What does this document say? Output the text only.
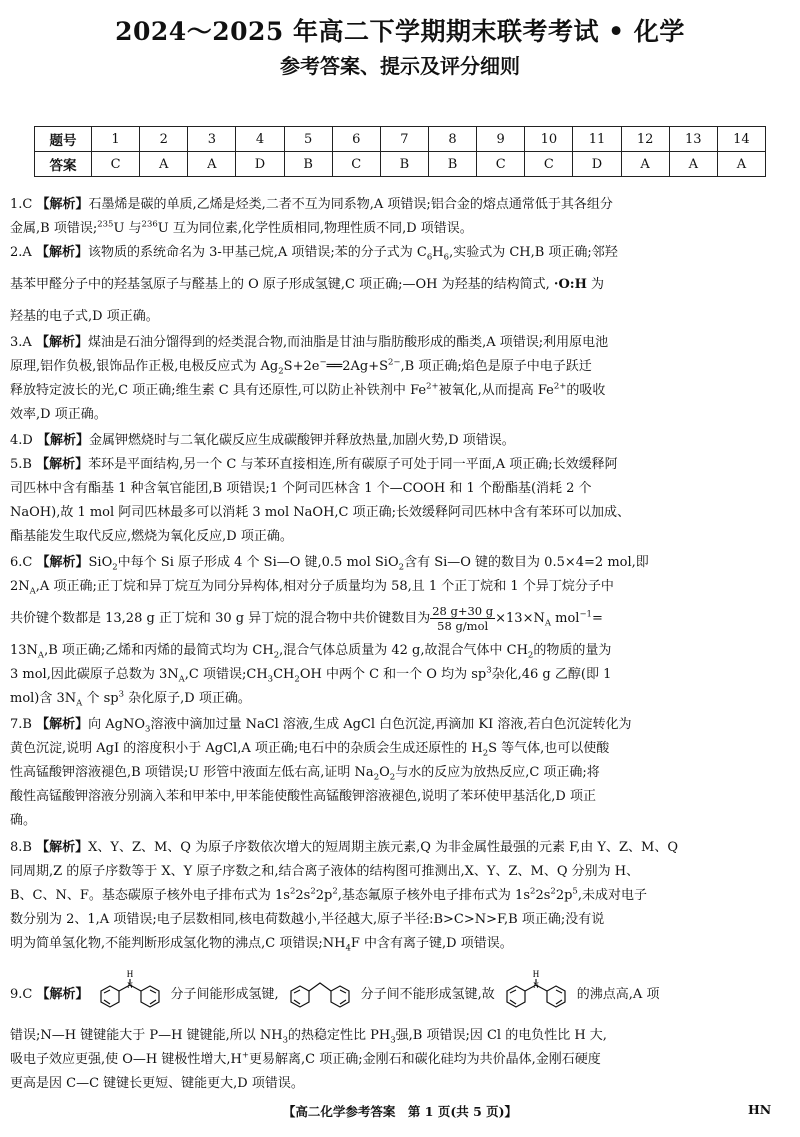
2024～2025 年高二下学期期末联考考试 • 化学
参考答案、提示及评分细则
题号	1	2	3	4	5	6	7	8	9	10	11	12	13	14
答案	C	A	A	D	B	C	B	B	C	C	D	A	A	A
1.C 【解析】石墨烯是碳的单质,乙烯是烃类,二者不互为同系物,A 项错误;铝合金的熔点通常低于其各组分
金属,B 项错误;$^{235}$U 与$^{236}$U 互为同位素,化学性质相同,物理性质不同,D 项错误。
2.A 【解析】该物质的系统命名为 3-甲基己烷,A 项错误;苯的分子式为 $C_6H_6$,实验式为 CH,B 项正确;邻羟
基苯甲醛分子中的羟基氢原子与醛基上的 O 原子形成氢键,C 项正确;—OH 为羟基的结构简式, ·O:H 为
羟基的电子式,D 项正确。
3.A 【解析】煤油是石油分馏得到的烃类混合物,而油脂是甘油与脂肪酸形成的酯类,A 项错误;利用原电池
原理,铝作负极,银饰品作正极,电极反应式为 $Ag_2S+2e^-══2Ag+S^{2-},B$ 项正确;焰色是原子中电子跃迁
释放特定波长的光,C 项正确;维生素 C 具有还原性,可以防止补铁剂中 $Fe^{2+}$被氧化,从而提高 $Fe^{2+}$的吸收
效率,D 项正确。
4.D 【解析】金属钾燃烧时与二氧化碳反应生成碳酸钾并释放热量,加剧火势,D 项错误。
5.B 【解析】苯环是平面结构,另一个 C 与苯环直接相连,所有碳原子可处于同一平面,A 项正确;长效缓释阿
司匹林中含有酯基 1 种含氧官能团,B 项错误;1 个阿司匹林含 1 个—COOH 和 1 个酚酯基(消耗 2 个
NaOH),故 1 mol 阿司匹林最多可以消耗 3 mol NaOH,C 项正确;长效缓释阿司匹林中含有苯环可以加成、
酯基能发生取代反应,燃烧为氧化反应,D 项正确。
6.C 【解析】SiO$_2$中每个 Si 原子形成 4 个 Si—O 键,0.5 mol SiO$_2$含有 Si—O 键的数目为 0.5×4=2 mol,即
$2N_A,A$ 项正确;正丁烷和异丁烷互为同分异构体,相对分子质量均为 58,且 1 个正丁烷和 1 个异丁烷分子中
共价键个数都是 13,28 g 正丁烷和 30 g 异丁烷的混合物中共价键数目为 $\frac{28 g+30 g}{\text{58 g/mol}} \times 13\times N_A$ mol$^{-1}$=
$13N_A,B$ 项正确;乙烯和丙烯的最简式均为 $CH_2$,混合气体总质量为 42 g,故混合气体中 $CH_2$的物质的量为
3 mol,因此碳原子总数为 $3N_A,C$ 项错误$;CH_3CH_2OH$ 中两个 C 和一个 O 均为 $sp^3$杂化,46 g 乙醇(即 1
mol)含 $3N_A$ 个 $sp^3$ 杂化原子,D 项正确。
7.B 【解析】向 AgNO$_3$溶液中滴加过量 NaCl 溶液,生成 AgCl 白色沉淀,再滴加 KI 溶液,若白色沉淀转化为
黄色沉淀,说明 AgI 的溶度积小于 AgCl,A 项正确;电石中的杂质会生成还原性的 $H_2S$ 等气体,也可以使酸
性高锰酸钾溶液褪色,B 项错误;U 形管中液面左低右高,证明 $Na_2O_2$与水的反应为放热反应,C 项正确;将
酸性高锰酸钾溶液分别滴入苯和甲苯中,甲苯能使酸性高锰酸钾溶液褪色,说明了苯环使甲基活化,D 项正
确。
8.B 【解析】X、Y、Z、M、Q 为原子序数依次增大的短周期主族元素,Q 为非金属性最强的元素 F,由 Y、Z、M、Q
同周期,Z 的原子序数等于 X、Y 原子序数之和,结合离子液体的结构图可推测出,X、Y、Z、M、Q 分别为 H、
B、C、N、F。基态碳原子核外电子排布式为 $1s^22s^22p^2$,基态氟原子核外电子排布式为 $1s^22s^22p^5$,未成对电子
数分别为 2、1,A 项错误;电子层数相同,核电荷数越小,半径越大,原子半径:B>C>N>F,B 项正确;没有说
明为简单氢化物,不能判断形成氢化物的沸点,C 项错误$;NH_4F$ 中含有离子键,D 项错误。
9.C 【解析】
H
N
分子间能形成氢键,	分子间不能形成氢键,故
H
N
的沸点高,A 项
错误;N—H 键键能大于 P—H 键键能,所以 $NH_3$的热稳定性比 $PH_3$强,B 项错误;因 Cl 的电负性比 H 大,
吸电子效应更强,使 O—H 键极性增大,H+更易解离,C 项正确;金刚石和碳化硅均为共价晶体,金刚石硬度
更高是因 C—C 键键长更短、键能更大,D 项错误。
【高二化学参考答案　第 1 页(共 5 页)】	HN
